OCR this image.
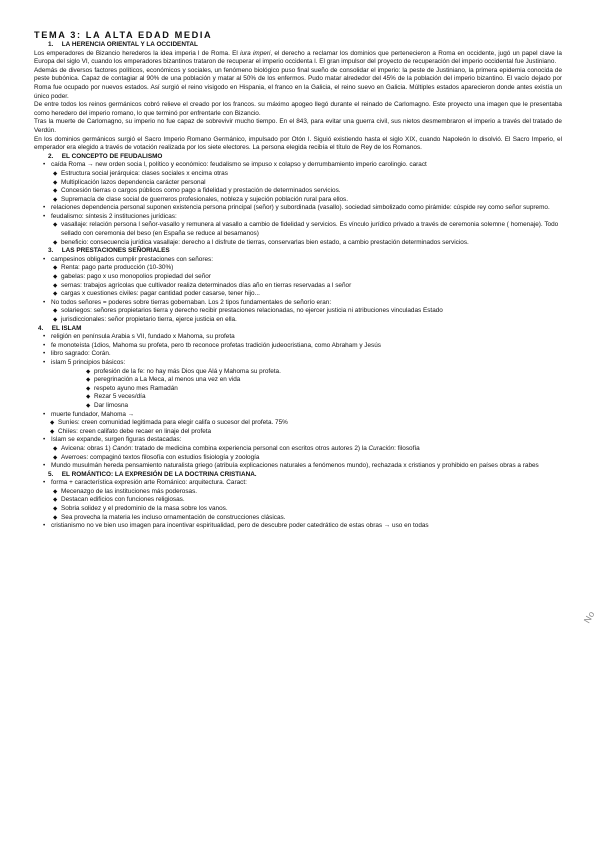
TEMA 3: LA ALTA EDAD MEDIA
1. LA HERENCIA ORIENTAL Y LA OCCIDENTAL

Los emperadores de Bizancio herederos la idea imperia l de Roma. El iura imperi, el derecho a reclamar los dominios que pertenecieron a Roma en occidente, jugó un papel clave la Europa del siglo VI, cuando los emperadores bizantinos trataron de recuperar el imperio occidenta l. El gran impulsor del proyecto de recuperación del imperio occidental fue Justiniano.

Además de diversos factores políticos, económicos y sociales, un fenómeno biológico puso final sueño de consolidar el imperio: la peste de Justiniano, la primera epidemia conocida de peste bubónica. Capaz de contagiar al 90% de una población y matar al 50% de los enfermos. Pudo matar alrededor del 45% de la población del imperio bizantino. El vacío dejado por Roma fue ocupado por nuevos estados. Así surgió el reino visigodo en Hispania, el franco en la Galicia, el reino suevo en Galicia. Múltiples estados aparecieron donde antes existía un único poder.

De entre todos los reinos germánicos cobró relieve el creado por los francos. su máximo apogeo llegó durante el reinado de Carlomagno. Este proyecto una imagen que le presentaba como heredero del imperio romano, lo que terminó por enfrentarle con Bizancio.

Tras la muerte de Carlomagno, su imperio no fue capaz de sobrevivir mucho tiempo. En el 843, para evitar una guerra civil, sus nietos desmembraron el imperio a través del tratado de Verdún.

En los dominios germánicos surgió el Sacro Imperio Romano Germánico, impulsado por Otón I. Siguió existiendo hasta el siglo XIX, cuando Napoleón lo disolvió. El Sacro Imperio, el emperador era elegido a través de votación realizada por los siete electores. La persona elegida recibía el título de Rey de los Romanos.

2. EL CONCEPTO DE FEUDALISMO
• caída Roma → new orden socia l, político y económico: feudalismo se impuso x colapso y derrumbamiento imperio carolingio. caract
◆ Estructura social jerárquica: clases sociales x encima otras
◆ Multiplicación lazos dependencia carácter personal
◆ Concesión tierras o cargos públicos como pago a fidelidad y prestación de determinados servicios.
◆ Supremacía de clase social de guerreros profesionales, nobleza y sujeción población rural para ellos.
• relaciones dependencia personal suponen existencia persona principal (señor) y subordinada (vasallo). sociedad simbolizado como pirámide: cúspide rey como señor supremo.
• feudalismo: síntesis 2 instituciones jurídicas:
◆ vasallaje: relación persona l señor-vasallo y remunera al vasallo a cambio de fidelidad y servicios. Es vínculo jurídico privado a través de ceremonia solemne ( homenaje). Todo sellado con ceremonia del beso (en España se reduce al besamanos)
◆ beneficio: consecuencia jurídica vasallaje: derecho a l disfrute de tierras, conservarlas bien estado, a cambio prestación determinados servicios.
3. LAS PRESTACIONES SEÑORIALES
• campesinos obligados cumplir prestaciones con señores:
◆ Renta: pago parte producción (10-30%)
◆ gabelas: pago x uso monopolios propiedad del señor
◆ sernas: trabajos agrícolas que cultivador realiza determinados días año en tierras reservadas a l señor
◆ cargas x cuestiones civiles: pagar cantidad poder casarse, tener hijo...
• No todos señores = poderes sobre tierras gobernaban. Los 2 tipos fundamentales de señorío eran:
◆ solariegos: señores propietarios tierra y derecho recibir prestaciones relacionadas, no ejercer justicia ni atribuciones vinculadas Estado
◆ jurisdiccionales: señor propietario tierra, ejerce justicia en ella.
4. EL ISLAM
• religión en península Arabia s VII, fundado x Mahoma, su profeta
• fe monoteísta (1dios, Mahoma su profeta, pero tb reconoce profetas tradición judeocristiana, como Abraham y Jesús
• libro sagrado: Corán.
• islam 5 principios básicos:
◆ profesión de la fe: no hay más Dios que Alá y Mahoma su profeta.
◆ peregrinación a La Meca, al menos una vez en vida
◆ respeto ayuno mes Ramadán
◆ Rezar 5 veces/día
◆ Dar limosna
• muerte fundador, Mahoma →
◆ Suníes: creen comunidad legitimada para elegir califa o sucesor del profeta. 75%
◆ Chiíes: creen califato debe recaer en linaje del profeta
• Islam se expande, surgen figuras destacadas:
◆ Avicena: obras 1) Canón: tratado de medicina combina experiencia personal con escritos otros autores 2) la Curación: filosofía
◆ Averroes: compaginó textos filosofía con estudios fisiología y zoología
• Mundo musulmán hereda pensamiento naturalista griego (atribuía explicaciones naturales a fenómenos mundo), rechazada x cristianos y prohibido en países obras a rabes
5. EL ROMÁNTICO: LA EXPRESIÓN DE LA DOCTRINA CRISTIANA.
• forma + característica expresión arte Románico: arquitectura. Caract:
◆ Mecenazgo de las instituciones más poderosas.
◆ Destacan edificios con funciones religiosas.
◆ Sobria solidez y el predominio de la masa sobre los vanos.
◆ Sea provecha la materia les incluso ornamentación de construcciones clásicas.
• cristianismo no ve bien uso imagen para incentivar espiritualidad, pero de descubre poder catedrático de estas obras → uso en todas
No
